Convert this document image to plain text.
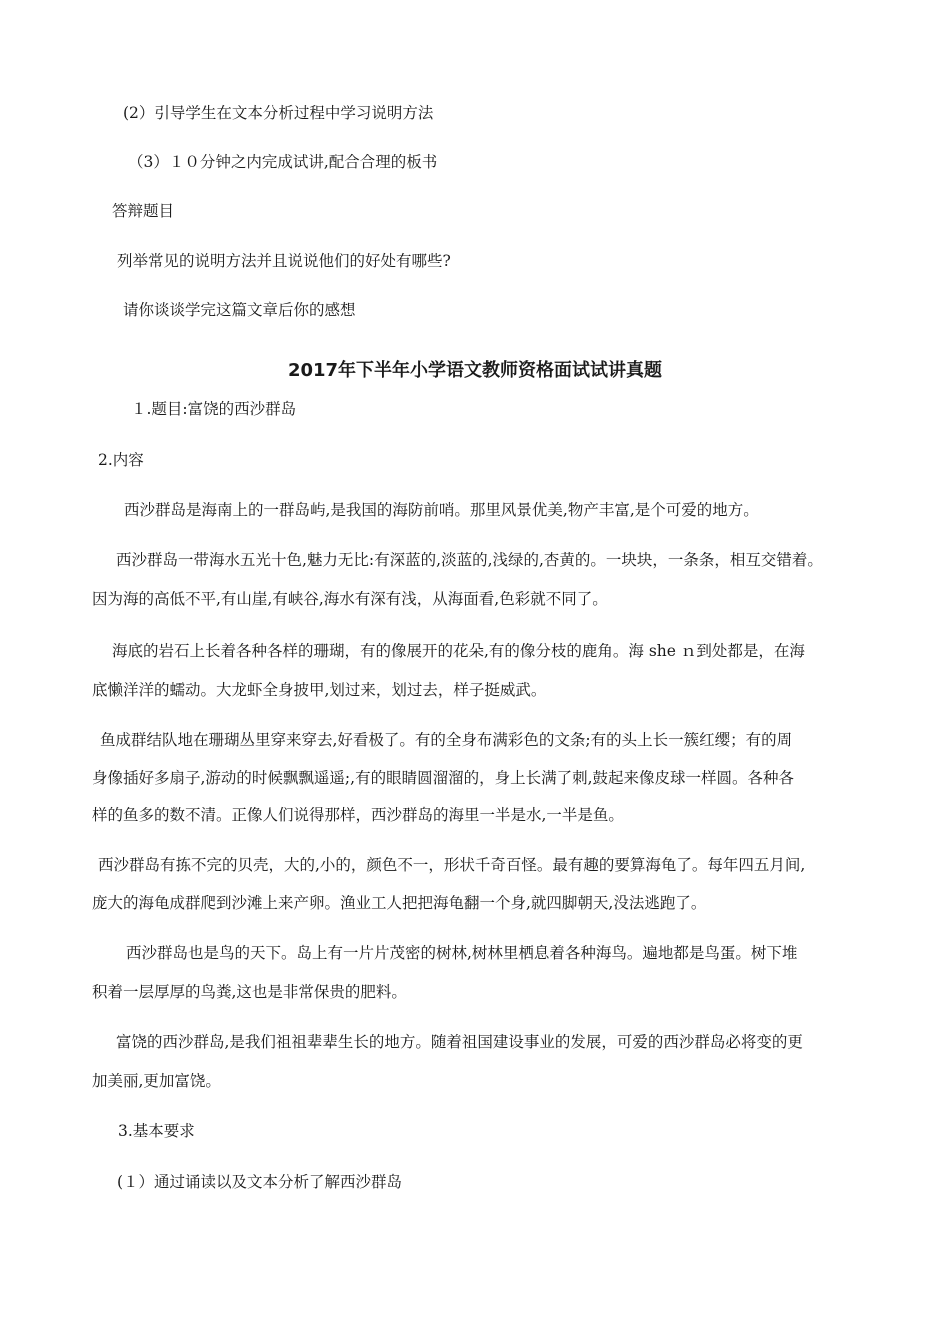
(2）引导学生在文本分析过程中学习说明方法
（3）１０分钟之内完成试讲,配合合理的板书
答辩题目
列举常见的说明方法并且说说他们的好处有哪些?
请你谈谈学完这篇文章后你的感想
2017年下半年小学语文教师资格面试试讲真题
１.题目:富饶的西沙群岛
2.内容
西沙群岛是海南上的一群岛屿,是我国的海防前哨。那里风景优美,物产丰富,是个可爱的地方。
西沙群岛一带海水五光十色,魅力无比:有深蓝的,淡蓝的,浅绿的,杏黄的。一块块，一条条，相互交错着。
因为海的高低不平,有山崖,有峡谷,海水有深有浅，从海面看,色彩就不同了。
海底的岩石上长着各种各样的珊瑚，有的像展开的花朵,有的像分枝的鹿角。海 she ｎ到处都是，在海
底懒洋洋的蠕动。大龙虾全身披甲,划过来，划过去，样子挺威武。
鱼成群结队地在珊瑚丛里穿来穿去,好看极了。有的全身布满彩色的文条;有的头上长一簇红缨；有的周
身像插好多扇子,游动的时候飘飘遥遥;,有的眼睛圆溜溜的，身上长满了刺,鼓起来像皮球一样圆。各种各
样的鱼多的数不清。正像人们说得那样，西沙群岛的海里一半是水,一半是鱼。
西沙群岛有拣不完的贝壳，大的,小的，颜色不一，形状千奇百怪。最有趣的要算海龟了。每年四五月间,
庞大的海龟成群爬到沙滩上来产卵。渔业工人把把海龟翻一个身,就四脚朝天,没法逃跑了。
西沙群岛也是鸟的天下。岛上有一片片茂密的树林,树林里栖息着各种海鸟。遍地都是鸟蛋。树下堆
积着一层厚厚的鸟粪,这也是非常保贵的肥料。
富饶的西沙群岛,是我们祖祖辈辈生长的地方。随着祖国建设事业的发展，可爱的西沙群岛必将变的更
加美丽,更加富饶。
3.基本要求
(１）通过诵读以及文本分析了解西沙群岛
